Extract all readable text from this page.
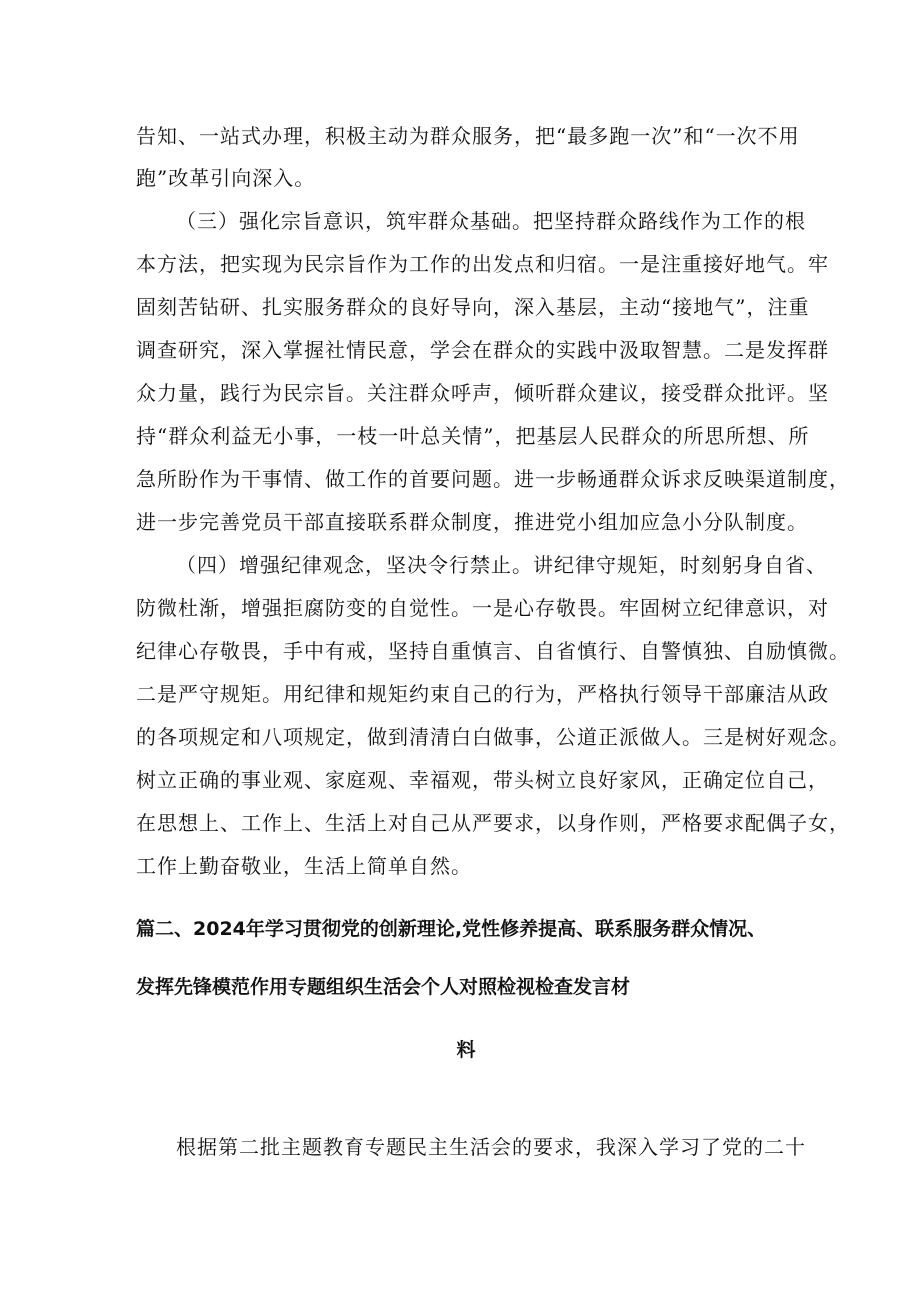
告知、一站式办理，积极主动为群众服务，把“最多跑一次”和“一次不用
跑”改革引向深入。
（三）强化宗旨意识，筑牢群众基础。把坚持群众路线作为工作的根
本方法，把实现为民宗旨作为工作的出发点和归宿。一是注重接好地气。牢
固刻苦钻研、扎实服务群众的良好导向，深入基层，主动“接地气”，注重
调查研究，深入掌握社情民意，学会在群众的实践中汲取智慧。二是发挥群
众力量，践行为民宗旨。关注群众呼声，倾听群众建议，接受群众批评。坚
持“群众利益无小事，一枝一叶总关情”，把基层人民群众的所思所想、所
急所盼作为干事情、做工作的首要问题。进一步畅通群众诉求反映渠道制度，
进一步完善党员干部直接联系群众制度，推进党小组加应急小分队制度。
（四）增强纪律观念，坚决令行禁止。讲纪律守规矩，时刻躬身自省、
防微杜渐，增强拒腐防变的自觉性。一是心存敬畏。牢固树立纪律意识，对
纪律心存敬畏，手中有戒，坚持自重慎言、自省慎行、自警慎独、自励慎微。
二是严守规矩。用纪律和规矩约束自己的行为，严格执行领导干部廉洁从政
的各项规定和八项规定，做到清清白白做事，公道正派做人。三是树好观念。
树立正确的事业观、家庭观、幸福观，带头树立良好家风，正确定位自己，
在思想上、工作上、生活上对自己从严要求，以身作则，严格要求配偶子女，
工作上勤奋敬业，生活上简单自然。
篇二、2024年学习贯彻党的创新理论,党性修养提高、联系服务群众情况、
发挥先锋模范作用专题组织生活会个人对照检视检查发言材
料
根据第二批主题教育专题民主生活会的要求，我深入学习了党的二十
